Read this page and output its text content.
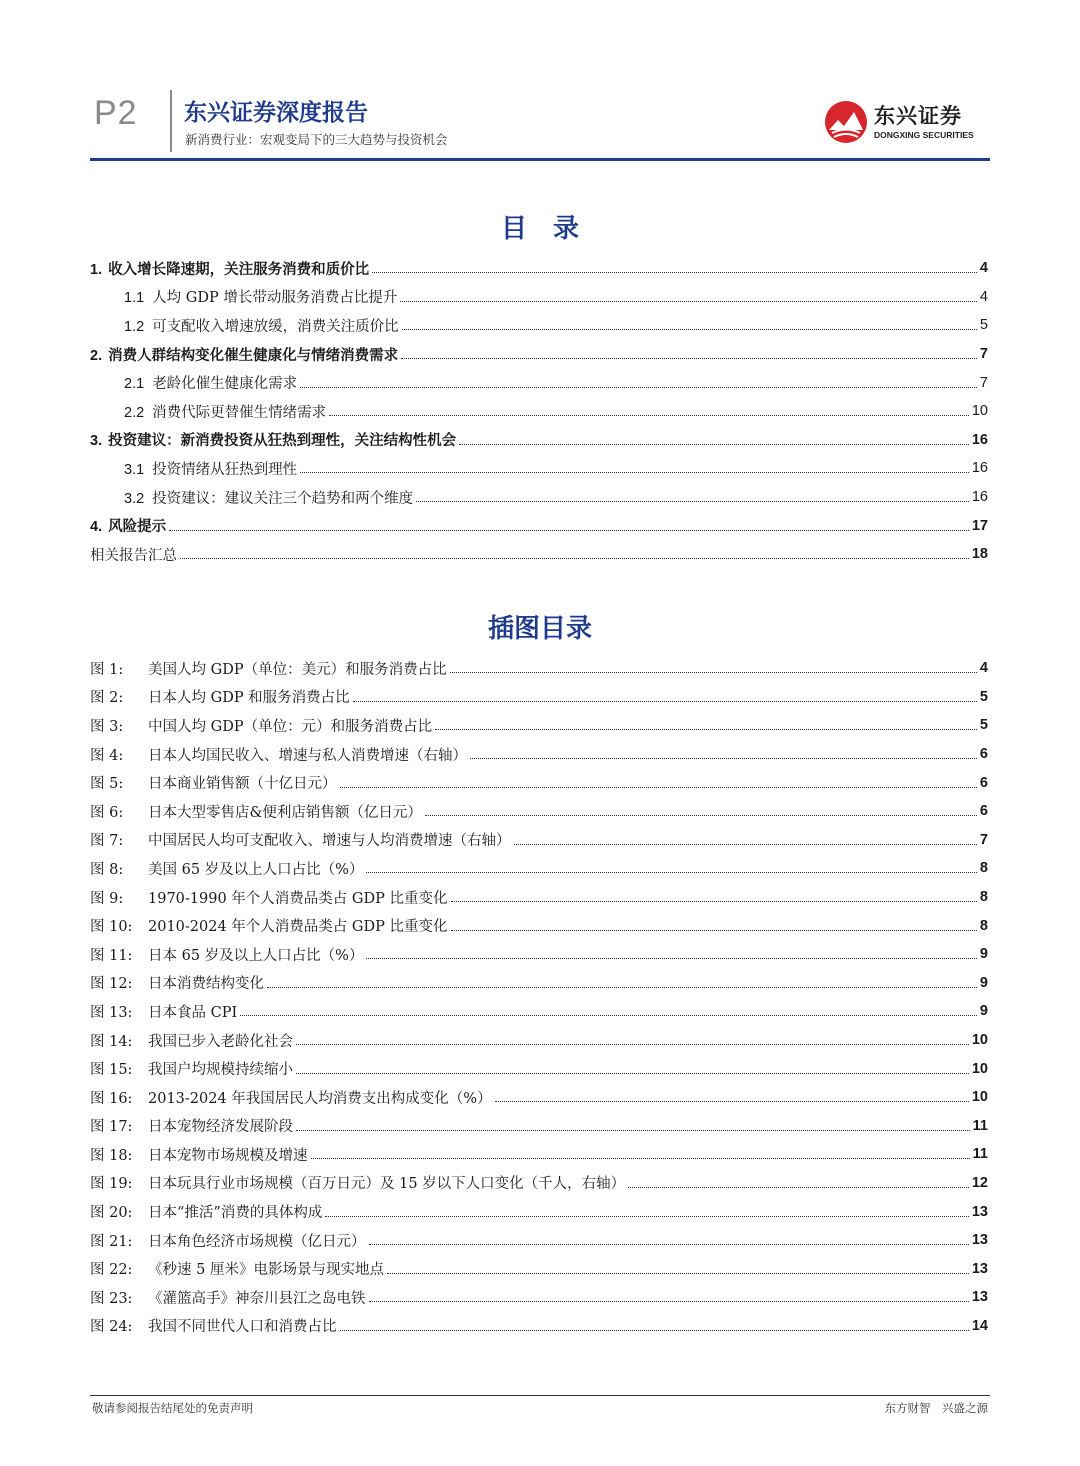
P2 东兴证券深度报告
新消费行业：宏观变局下的三大趋势与投资机会
东兴证券
DONGXING SECURITIES
目　录
1. 收入增长降速期，关注服务消费和质价比	4
1.1 人均 GDP 增长带动服务消费占比提升	4
1.2 可支配收入增速放缓，消费关注质价比	5
2. 消费人群结构变化催生健康化与情绪消费需求	7
2.1 老龄化催生健康化需求	7
2.2 消费代际更替催生情绪需求	10
3. 投资建议：新消费投资从狂热到理性，关注结构性机会	16
3.1 投资情绪从狂热到理性	16
3.2 投资建议：建议关注三个趋势和两个维度	16
4. 风险提示	17
相关报告汇总	18
插图目录
图 1: 美国人均 GDP（单位：美元）和服务消费占比	4
图 2: 日本人均 GDP 和服务消费占比	5
图 3: 中国人均 GDP（单位：元）和服务消费占比	5
图 4: 日本人均国民收入、增速与私人消费增速（右轴）	6
图 5: 日本商业销售额（十亿日元）	6
图 6: 日本大型零售店&便利店销售额（亿日元）	6
图 7: 中国居民人均可支配收入、增速与人均消费增速（右轴）	7
图 8: 美国 65 岁及以上人口占比（%）	8
图 9: 1970-1990 年个人消费品类占 GDP 比重变化	8
图 10: 2010-2024 年个人消费品类占 GDP 比重变化	8
图 11: 日本 65 岁及以上人口占比（%）	9
图 12: 日本消费结构变化	9
图 13: 日本食品 CPI	9
图 14: 我国已步入老龄化社会	10
图 15: 我国户均规模持续缩小	10
图 16: 2013-2024 年我国居民人均消费支出构成变化（%）	10
图 17: 日本宠物经济发展阶段	11
图 18: 日本宠物市场规模及增速	11
图 19: 日本玩具行业市场规模（百万日元）及 15 岁以下人口变化（千人，右轴）	12
图 20: 日本“推活”消费的具体构成	13
图 21: 日本角色经济市场规模（亿日元）	13
图 22: 《秒速 5 厘米》电影场景与现实地点	13
图 23: 《灌篮高手》神奈川县江之岛电铁	13
图 24: 我国不同世代人口和消费占比	14
敬请参阅报告结尾处的免责声明	东方财智　兴盛之源
